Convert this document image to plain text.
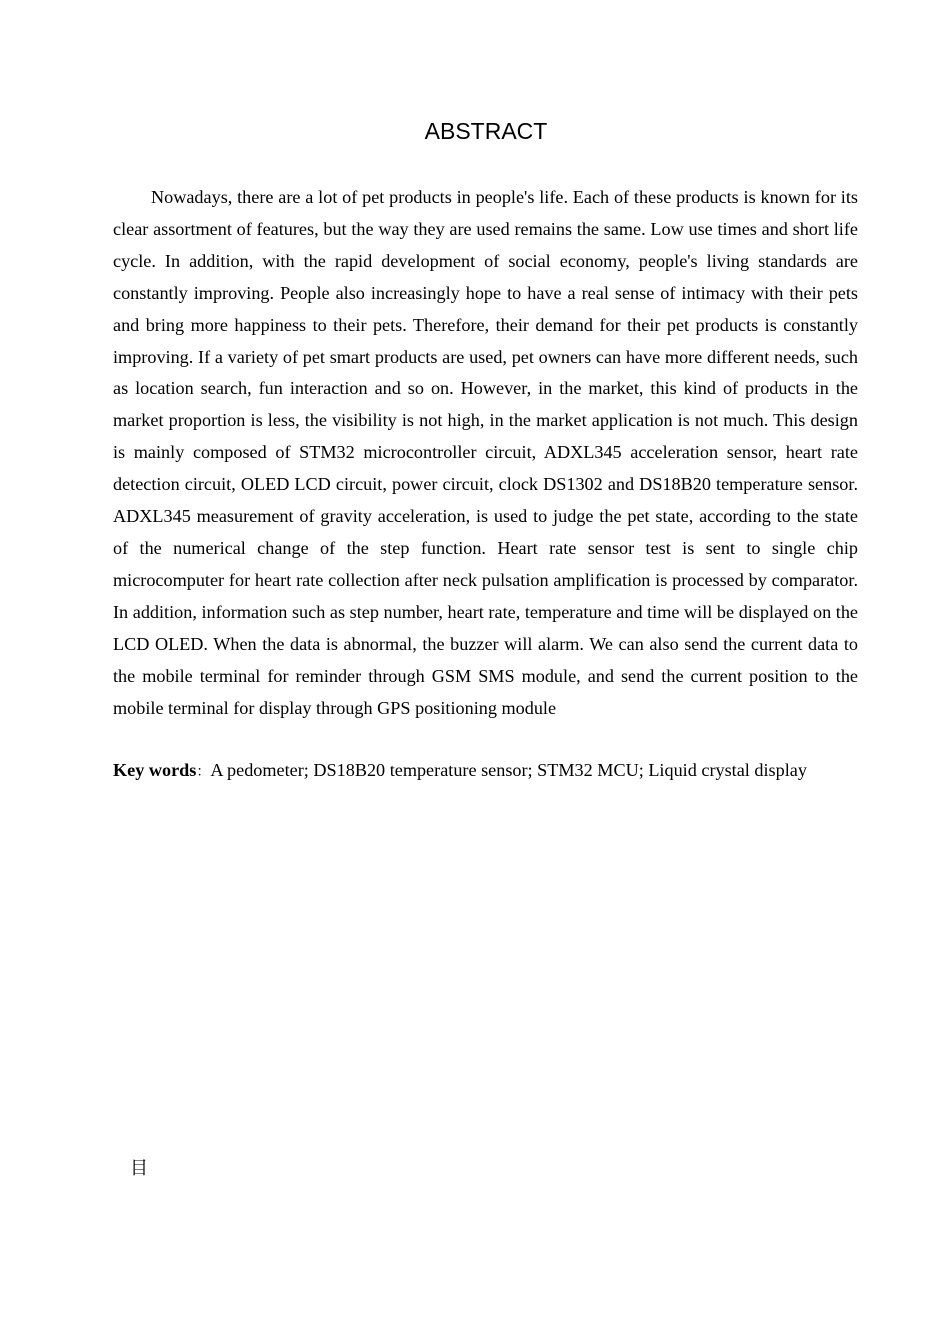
ABSTRACT

Nowadays, there are a lot of pet products in people's life. Each of these products is known for its clear assortment of features, but the way they are used remains the same. Low use times and short life cycle. In addition, with the rapid development of social economy, people's living standards are constantly improving. People also increasingly hope to have a real sense of intimacy with their pets and bring more happiness to their pets. Therefore, their demand for their pet products is constantly improving. If a variety of pet smart products are used, pet owners can have more different needs, such as location search, fun interaction and so on. However, in the market, this kind of products in the market proportion is less, the visibility is not high, in the market application is not much. This design is mainly composed of STM32 microcontroller circuit, ADXL345 acceleration sensor, heart rate detection circuit, OLED LCD circuit, power circuit, clock DS1302 and DS18B20 temperature sensor. ADXL345 measurement of gravity acceleration, is used to judge the pet state, according to the state of the numerical change of the step function. Heart rate sensor test is sent to single chip microcomputer for heart rate collection after neck pulsation amplification is processed by comparator. In addition, information such as step number, heart rate, temperature and time will be displayed on the LCD OLED. When the data is abnormal, the buzzer will alarm. We can also send the current data to the mobile terminal for reminder through GSM SMS module, and send the current position to the mobile terminal for display through GPS positioning module

Key words：A pedometer; DS18B20 temperature sensor; STM32 MCU; Liquid crystal display

目
